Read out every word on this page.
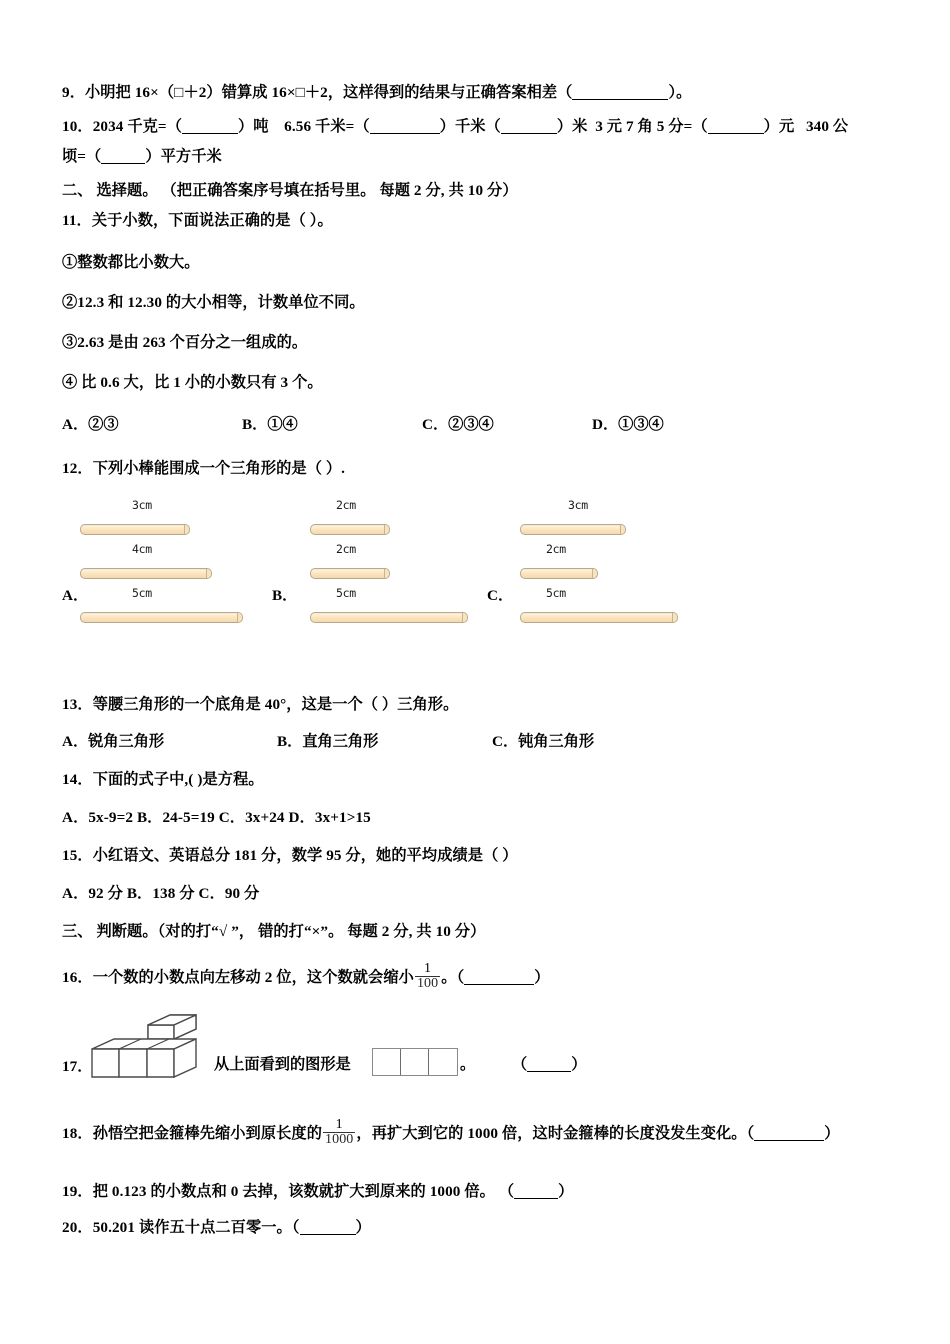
9．小明把 16×（□＋2）错算成 16×□＋2，这样得到的结果与正确答案相差（	）。
10．2034 千克=（	）吨 6.56 千米=（	）千米（	）米 3 元 7 角 5 分=（	）元 340 公
顷=（	）平方千米
二、 选择题。 （把正确答案序号填在括号里。 每题 2 分, 共 10 分）
11．关于小数，下面说法正确的是（ ）。
①整数都比小数大。
②12.3 和 12.30 的大小相等，计数单位不同。
③2.63 是由 263 个百分之一组成的。
④ 比 0.6 大，比 1 小的小数只有 3 个。
A．②③	B．①④	C．②③④	D．①③④
12．下列小棒能围成一个三角形的是（ ）.
A．
3cm
4cm
5cm	B．
2cm
2cm
5cm	C．
3cm
2cm
5cm
13．等腰三角形的一个底角是 40°，这是一个（ ）三角形。
A．锐角三角形	B．直角三角形	C．钝角三角形
14．下面的式子中,( )是方程。
A．5x-9=2 B．24-5=19 C．3x+24 D．3x+1>15
15．小红语文、英语总分 181 分，数学 95 分，她的平均成绩是（ ）
A．92 分 B．138 分 C．90 分
三、 判断题。（对的打“√ ”， 错的打“×”。 每题 2 分, 共 10 分）
16．一个数的小数点向左移动 2 位，这个数就会缩小 $\frac{1}{100}$ 。（	）
17．	从上面看到的图形是	。 （	）
18．孙悟空把金箍棒先缩小到原长度的 $\frac{1}{1000}$ ，再扩大到它的 1000 倍，这时金箍棒的长度没发生变化。（	）
19．把 0.123 的小数点和 0 去掉，该数就扩大到原来的 1000 倍。 （	）
20．50.201 读作五十点二百零一。（	）
